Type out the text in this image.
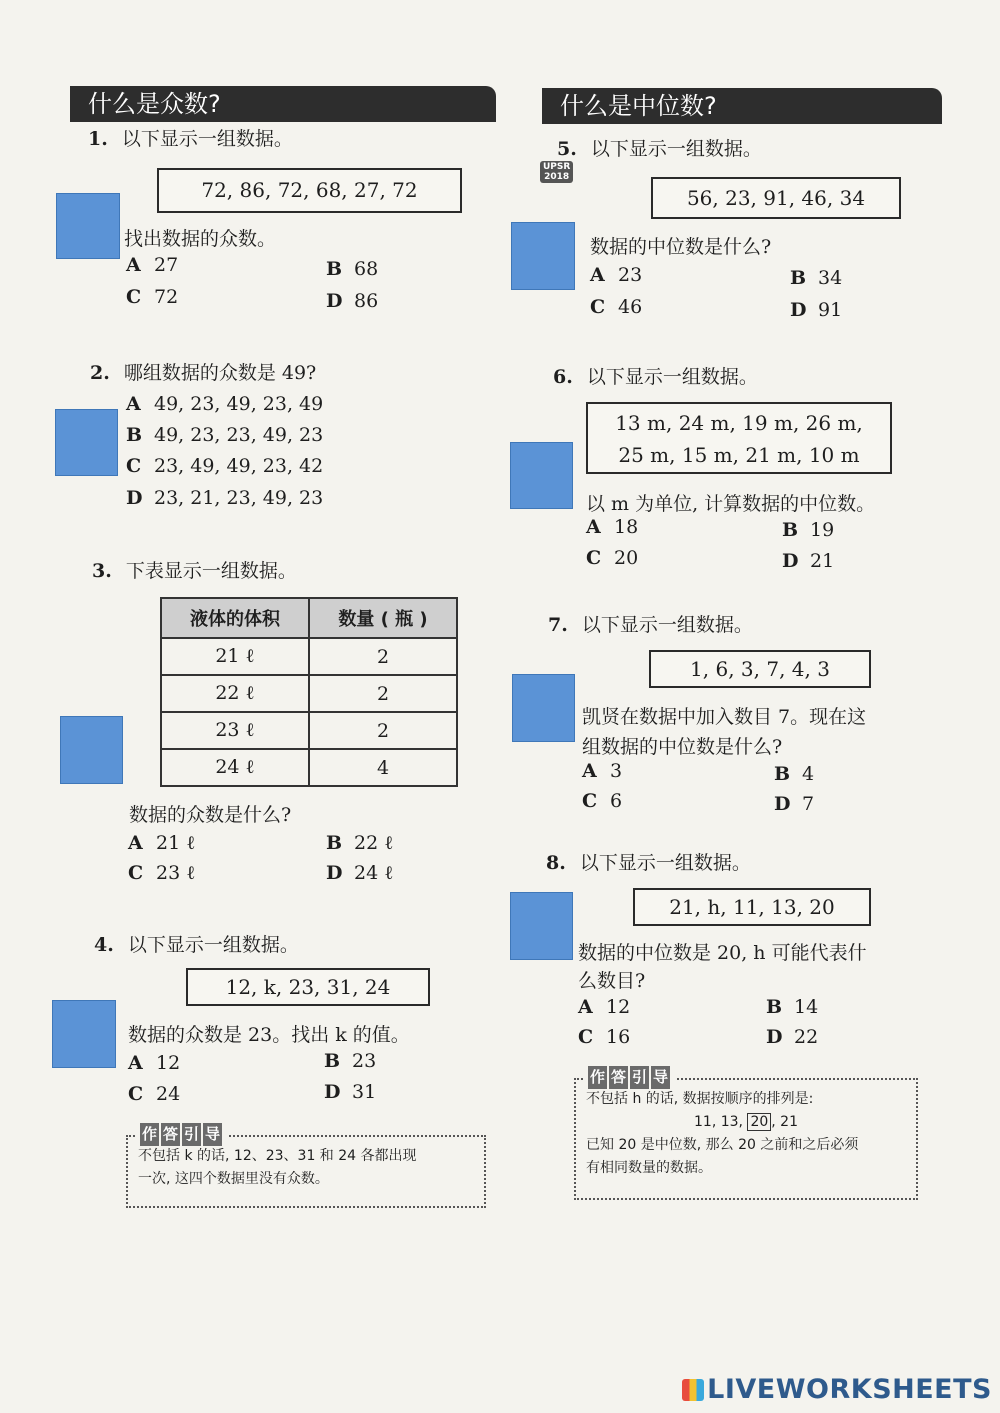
什么是众数?	什么是中位数?
1. 以下显示一组数据。
72, 86, 72, 68, 27, 72
找出数据的众数。
A 27	B 68
C 72	D 86
2. 哪组数据的众数是 49?
A 49, 23, 49, 23, 49
B 49, 23, 23, 49, 23
C 23, 49, 49, 23, 42
D 23, 21, 23, 49, 23
3. 下表显示一组数据。
液体的体积	数量 ( 瓶 )
21 ℓ	2
22 ℓ	2
23 ℓ	2
24 ℓ	4
数据的众数是什么?
A 21 ℓ	B 22 ℓ
C 23 ℓ	D 24 ℓ
4. 以下显示一组数据。
12, k, 23, 31, 24
数据的众数是 23。找出 k 的值。
A 12	B 23
C 24	D 31
作 答 引 导
不包括 k 的话, 12、23、31 和 24 各都出现
一次, 这四个数据里没有众数。
5. 以下显示一组数据。
UPSR
2018
56, 23, 91, 46, 34
数据的中位数是什么?
A 23	B 34
C 46	D 91
6. 以下显示一组数据。
13 m, 24 m, 19 m, 26 m,
25 m, 15 m, 21 m, 10 m
以 m 为单位, 计算数据的中位数。
A 18	B 19
C 20	D 21
7. 以下显示一组数据。
1, 6, 3, 7, 4, 3
凯贤在数据中加入数目 7。现在这
组数据的中位数是什么?
A 3	B 4
C 6	D 7
8. 以下显示一组数据。
21, h, 11, 13, 20
数据的中位数是 20, h 可能代表什
么数目?
A 12	B 14
C 16	D 22
作 答 引 导
不包括 h 的话, 数据按顺序的排列是:
11, 13, 20 , 21
已知 20 是中位数, 那么 20 之前和之后必须
有相同数量的数据。
LIVEWORKSHEETS
